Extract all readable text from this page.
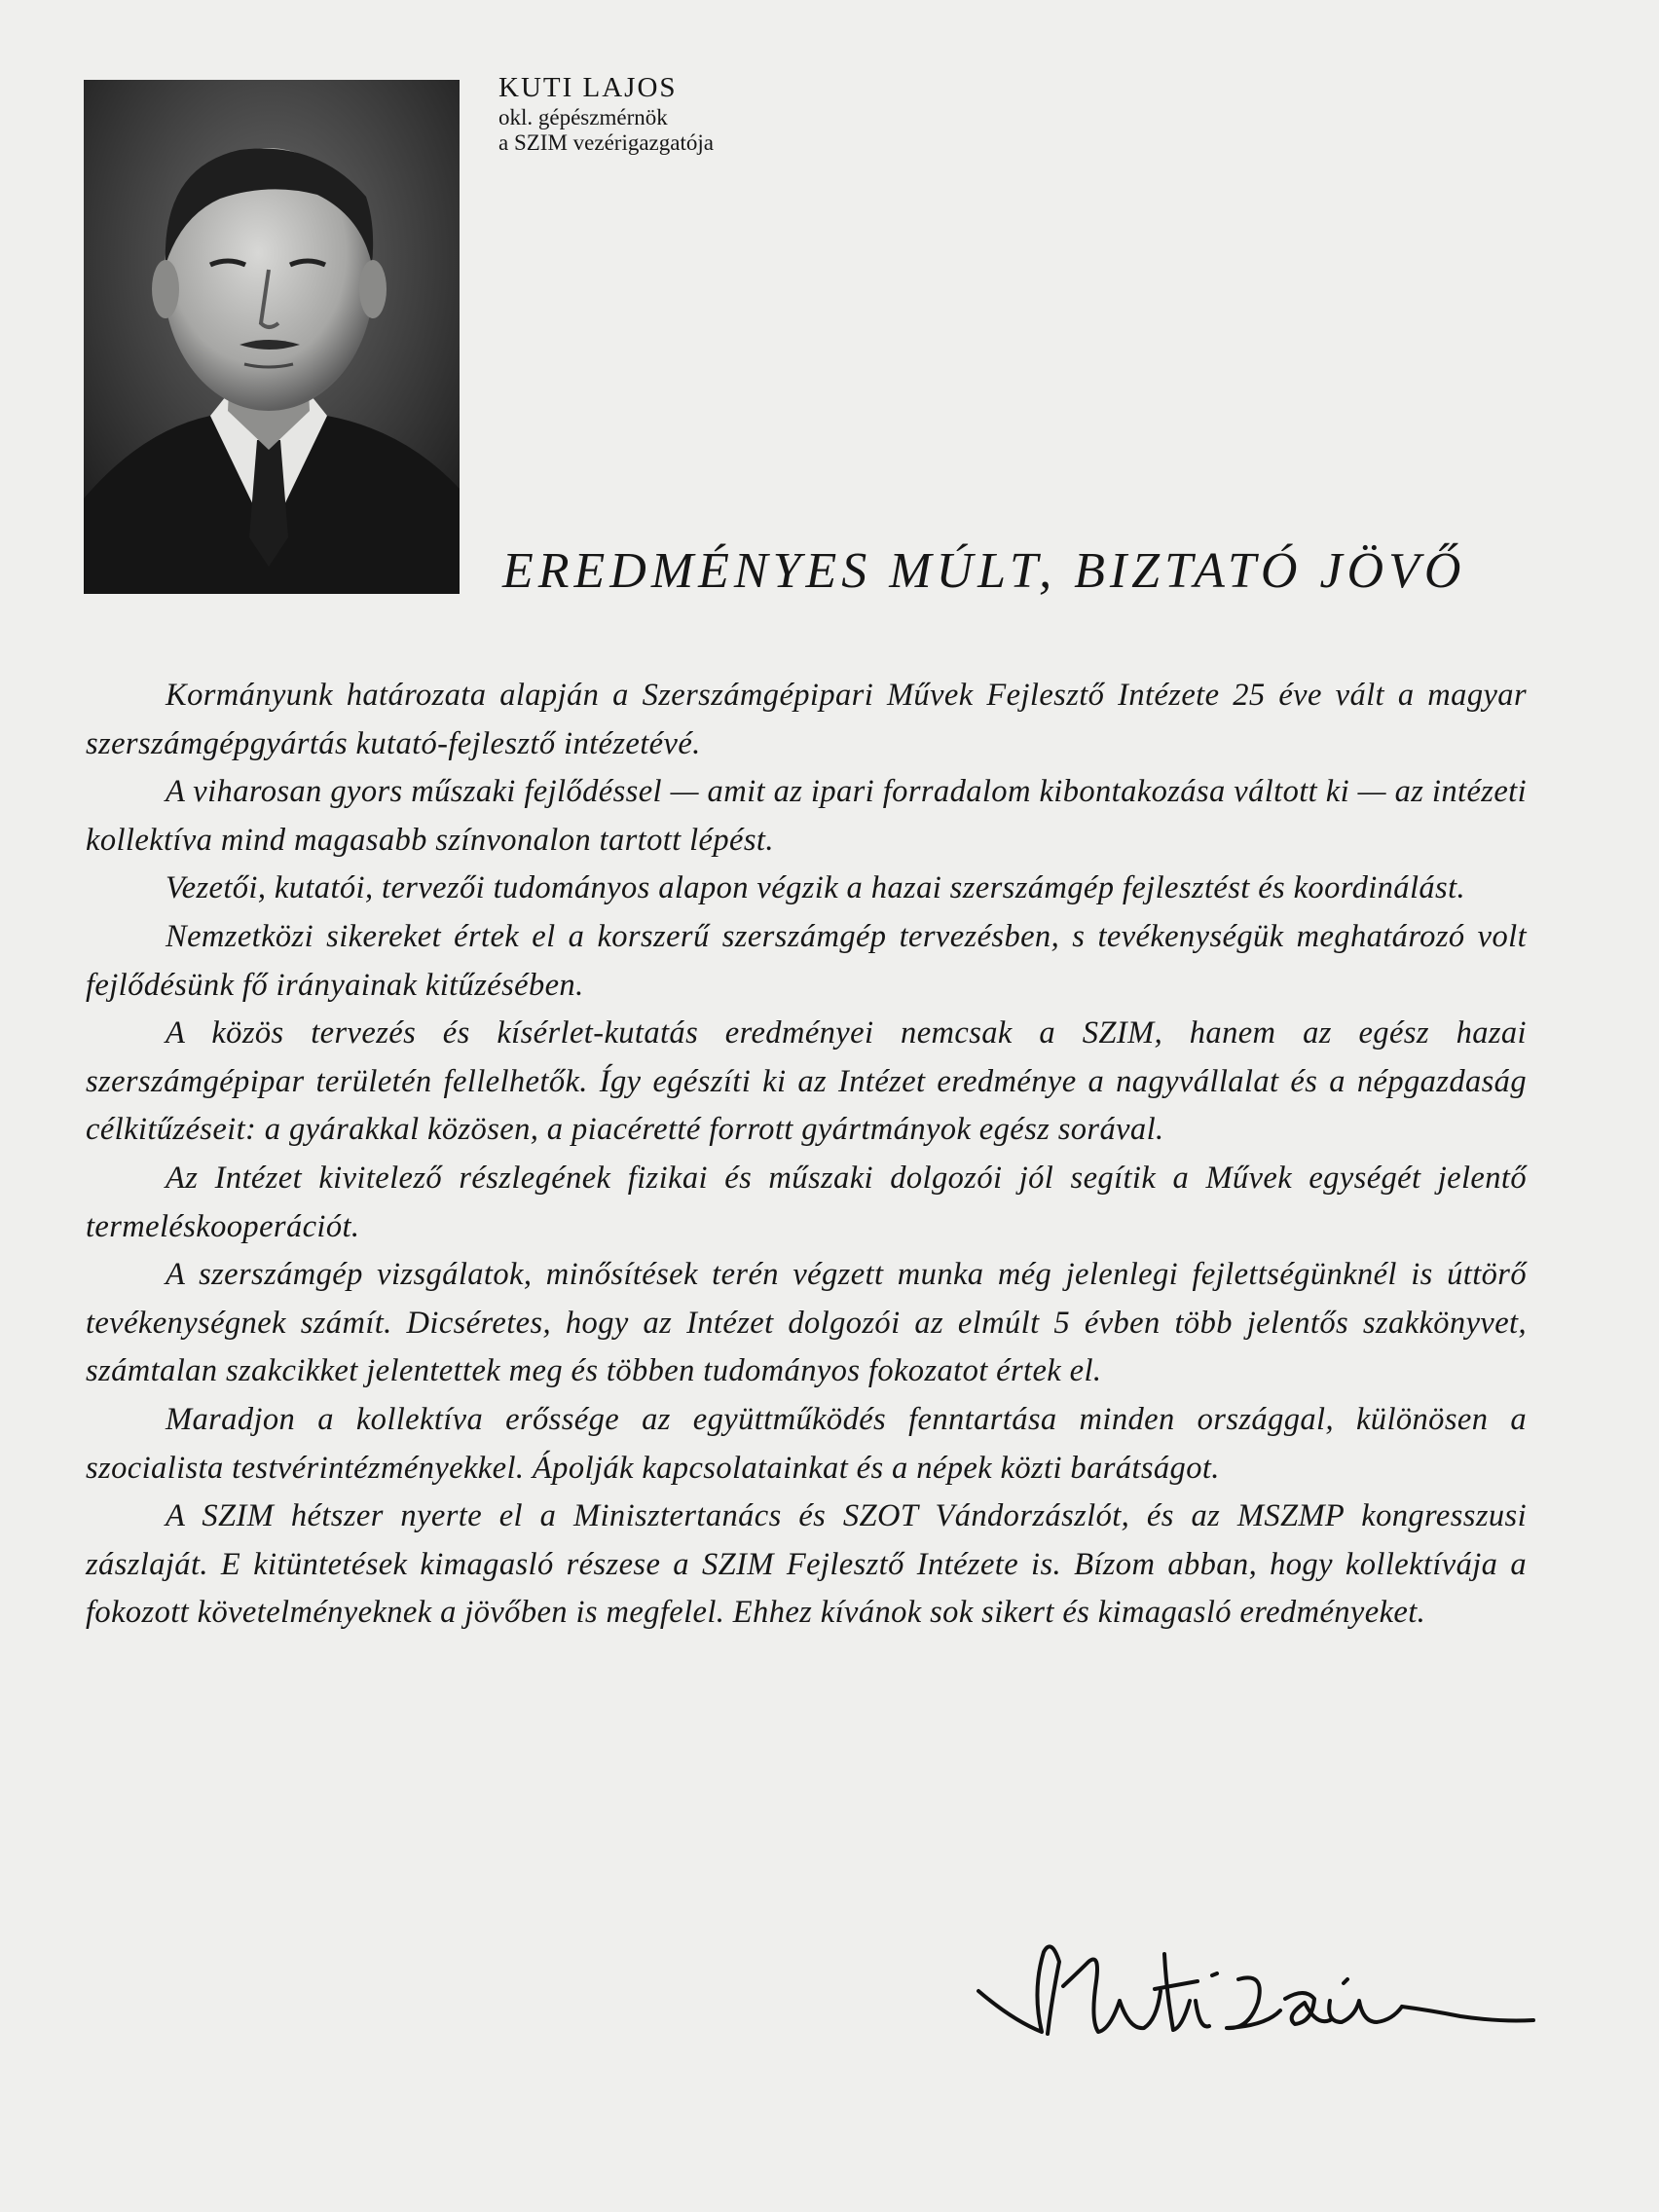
KUTI LAJOS
okl. gépészmérnök
a SZIM vezérigazgatója
EREDMÉNYES MÚLT, BIZTATÓ JÖVŐ

Kormányunk határozata alapján a Szerszámgépipari Művek Fejlesztő Intézete 25 éve vált a magyar szerszámgépgyártás kutató-fejlesztő intézetévé.

A viharosan gyors műszaki fejlődéssel — amit az ipari forradalom kibontakozása váltott ki — az intézeti kollektíva mind magasabb színvonalon tartott lépést.

Vezetői, kutatói, tervezői tudományos alapon végzik a hazai szerszámgép fejlesztést és koordinálást.

Nemzetközi sikereket értek el a korszerű szerszámgép tervezésben, s tevékenységük meghatározó volt fejlődésünk fő irányainak kitűzésében.

A közös tervezés és kísérlet-kutatás eredményei nemcsak a SZIM, hanem az egész hazai szerszámgépipar területén fellelhetők. Így egészíti ki az Intézet eredménye a nagyvállalat és a népgazdaság célkitűzéseit: a gyárakkal közösen, a piacéretté forrott gyártmányok egész sorával.

Az Intézet kivitelező részlegének fizikai és műszaki dolgozói jól segítik a Művek egységét jelentő termeléskooperációt.

A szerszámgép vizsgálatok, minősítések terén végzett munka még jelenlegi fejlettségünknél is úttörő tevékenységnek számít. Dicséretes, hogy az Intézet dolgozói az elmúlt 5 évben több jelentős szakkönyvet, számtalan szakcikket jelentettek meg és többen tudományos fokozatot értek el.

Maradjon a kollektíva erőssége az együttműködés fenntartása minden országgal, különösen a szocialista testvérintézményekkel. Ápolják kapcsolatainkat és a népek közti barátságot.

A SZIM hétszer nyerte el a Minisztertanács és SZOT Vándorzászlót, és az MSZMP kongresszusi zászlaját. E kitüntetések kimagasló részese a SZIM Fejlesztő Intézete is. Bízom abban, hogy kollektívája a fokozott követelményeknek a jövőben is megfelel. Ehhez kívánok sok sikert és kimagasló eredményeket.
